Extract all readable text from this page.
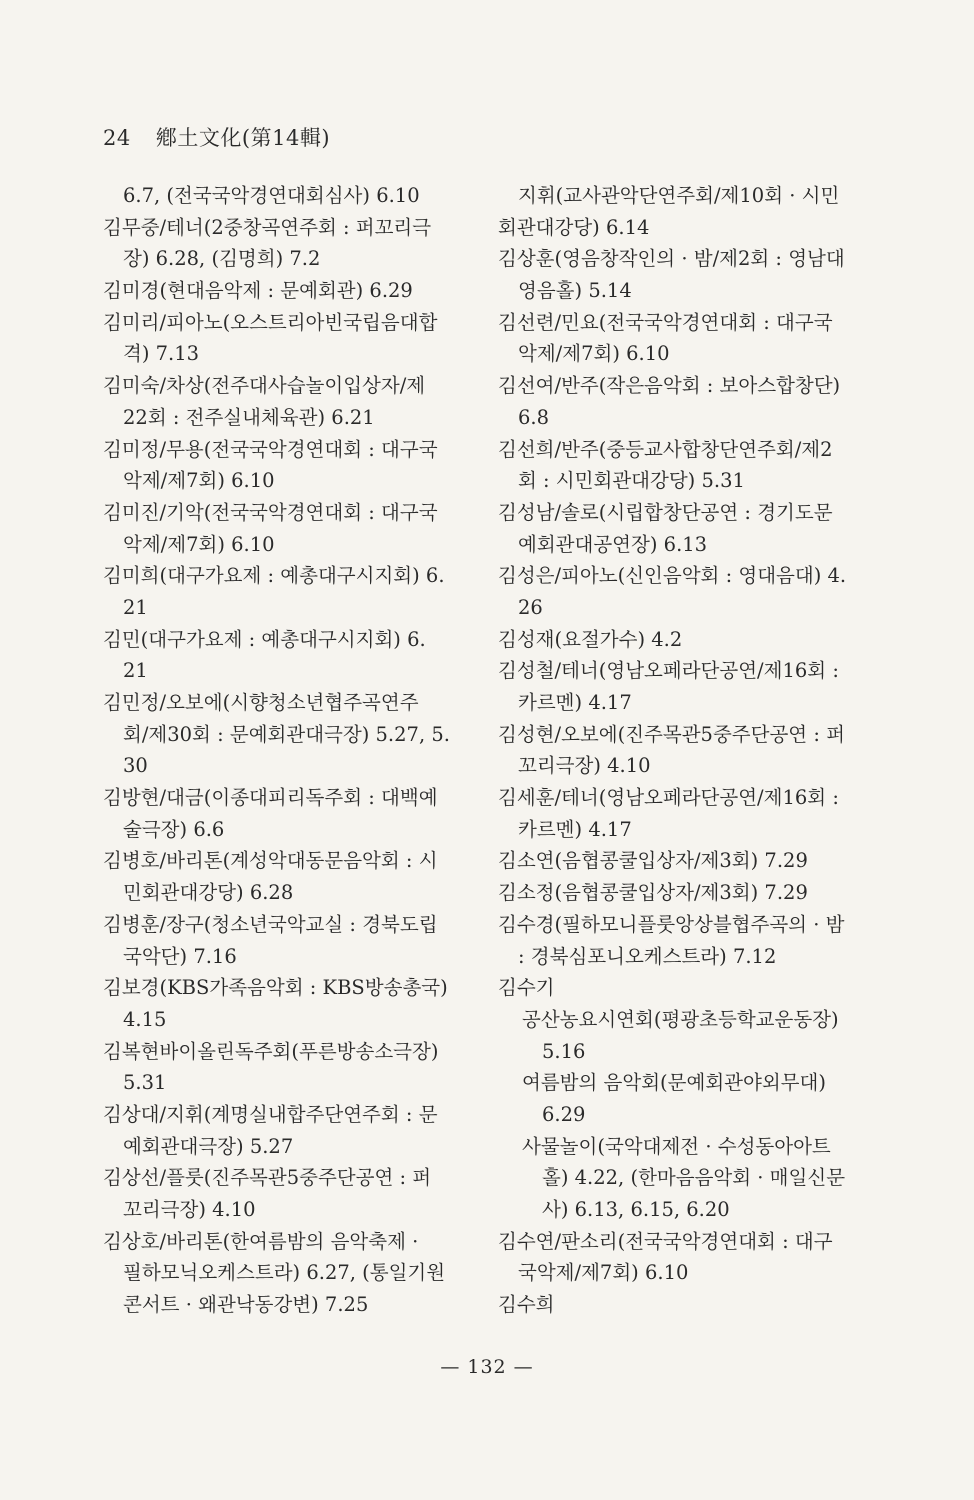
24 鄕土文化(第14輯)
6.7, (전국국악경연대회심사) 6.10
김무중/테너(2중창곡연주회 : 퍼꼬리극
장) 6.28, (김명희) 7.2
김미경(현대음악제 : 문예회관) 6.29
김미리/피아노(오스트리아빈국립음대합
격) 7.13
김미숙/차상(전주대사습놀이입상자/제
22회 : 전주실내체육관) 6.21
김미정/무용(전국국악경연대회 : 대구국
악제/제7회) 6.10
김미진/기악(전국국악경연대회 : 대구국
악제/제7회) 6.10
김미희(대구가요제 : 예총대구시지회) 6.
21
김민(대구가요제 : 예총대구시지회) 6.
21
김민정/오보에(시향청소년협주곡연주
회/제30회 : 문예회관대극장) 5.27, 5.
30
김방현/대금(이종대피리독주회 : 대백예
술극장) 6.6
김병호/바리톤(계성악대동문음악회 : 시
민회관대강당) 6.28
김병훈/장구(청소년국악교실 : 경북도립
국악단) 7.16
김보경(KBS가족음악회 : KBS방송총국)
4.15
김복현바이올린독주회(푸른방송소극장)
5.31
김상대/지휘(계명실내합주단연주회 : 문
예회관대극장) 5.27
김상선/플룻(진주목관5중주단공연 : 퍼
꼬리극장) 4.10
김상호/바리톤(한여름밤의 음악축제 ·
필하모닉오케스트라) 6.27, (통일기원
콘서트 · 왜관낙동강변) 7.25
지휘(교사관악단연주회/제10회 · 시민
회관대강당) 6.14
김상훈(영음창작인의 · 밤/제2회 : 영남대
영음홀) 5.14
김선련/민요(전국국악경연대회 : 대구국
악제/제7회) 6.10
김선여/반주(작은음악회 : 보아스합창단)
6.8
김선희/반주(중등교사합창단연주회/제2
회 : 시민회관대강당) 5.31
김성남/솔로(시립합창단공연 : 경기도문
예회관대공연장) 6.13
김성은/피아노(신인음악회 : 영대음대) 4.
26
김성재(요절가수) 4.2
김성철/테너(영남오페라단공연/제16회 :
카르멘) 4.17
김성현/오보에(진주목관5중주단공연 : 퍼
꼬리극장) 4.10
김세훈/테너(영남오페라단공연/제16회 :
카르멘) 4.17
김소연(음협콩쿨입상자/제3회) 7.29
김소정(음협콩쿨입상자/제3회) 7.29
김수경(필하모니플룻앙상블협주곡의 · 밤
: 경북심포니오케스트라) 7.12
김수기
공산농요시연회(평광초등학교운동장)
5.16
여름밤의 음악회(문예회관야외무대)
6.29
사물놀이(국악대제전 · 수성동아아트
홀) 4.22, (한마음음악회 · 매일신문
사) 6.13, 6.15, 6.20
김수연/판소리(전국국악경연대회 : 대구
국악제/제7회) 6.10
김수희
— 132 —
